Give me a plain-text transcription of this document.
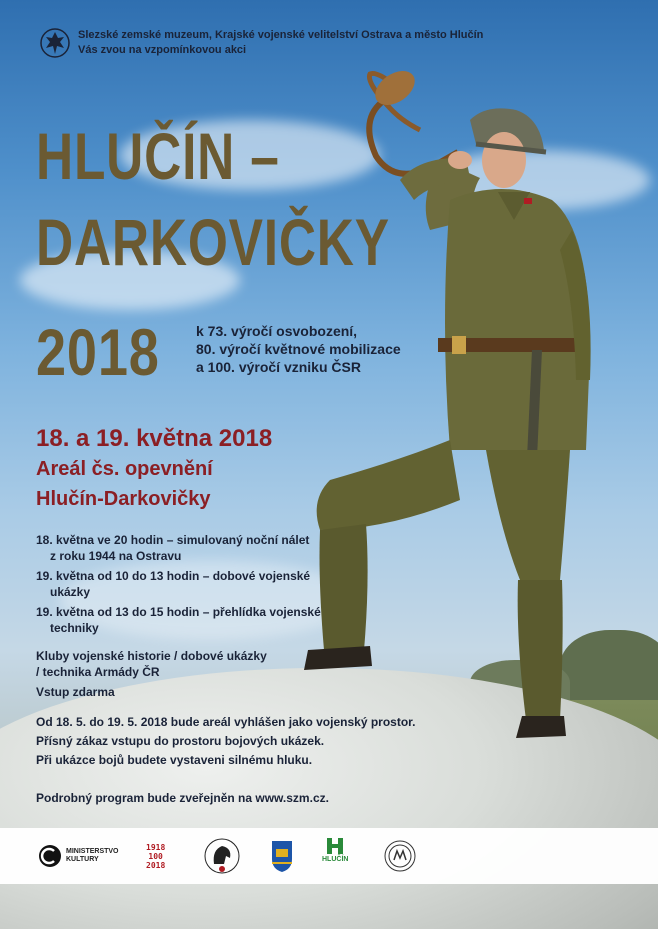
Slezské zemské muzeum, Krajské vojenské velitelství Ostrava a město Hlučín
Vás zvou na vzpomínkovou akci
HLUČÍN –
DARKOVIČKY
2018	k 73. výročí osvobození,
80. výročí květnové mobilizace
a 100. výročí vzniku ČSR
18. a 19. května 2018
Areál čs. opevnění
Hlučín-Darkovičky
18. května ve 20 hodin – simulovaný noční nálet
z roku 1944 na Ostravu
19. května od 10 do 13 hodin – dobové vojenské
ukázky
19. května od 13 do 15 hodin – přehlídka vojenské
techniky
Kluby vojenské historie / dobové ukázky
/ technika Armády ČR
Vstup zdarma
Od 18. 5. do 19. 5. 2018 bude areál vyhlášen jako vojenský prostor.
Přísný zákaz vstupu do prostoru bojových ukázek.
Při ukázce bojů budete vystaveni silnému hluku.
Podrobný program bude zveřejněn na www.szm.cz.
MINISTERSTVO
KULTURY
1918
100
2018
HLUČÍN
